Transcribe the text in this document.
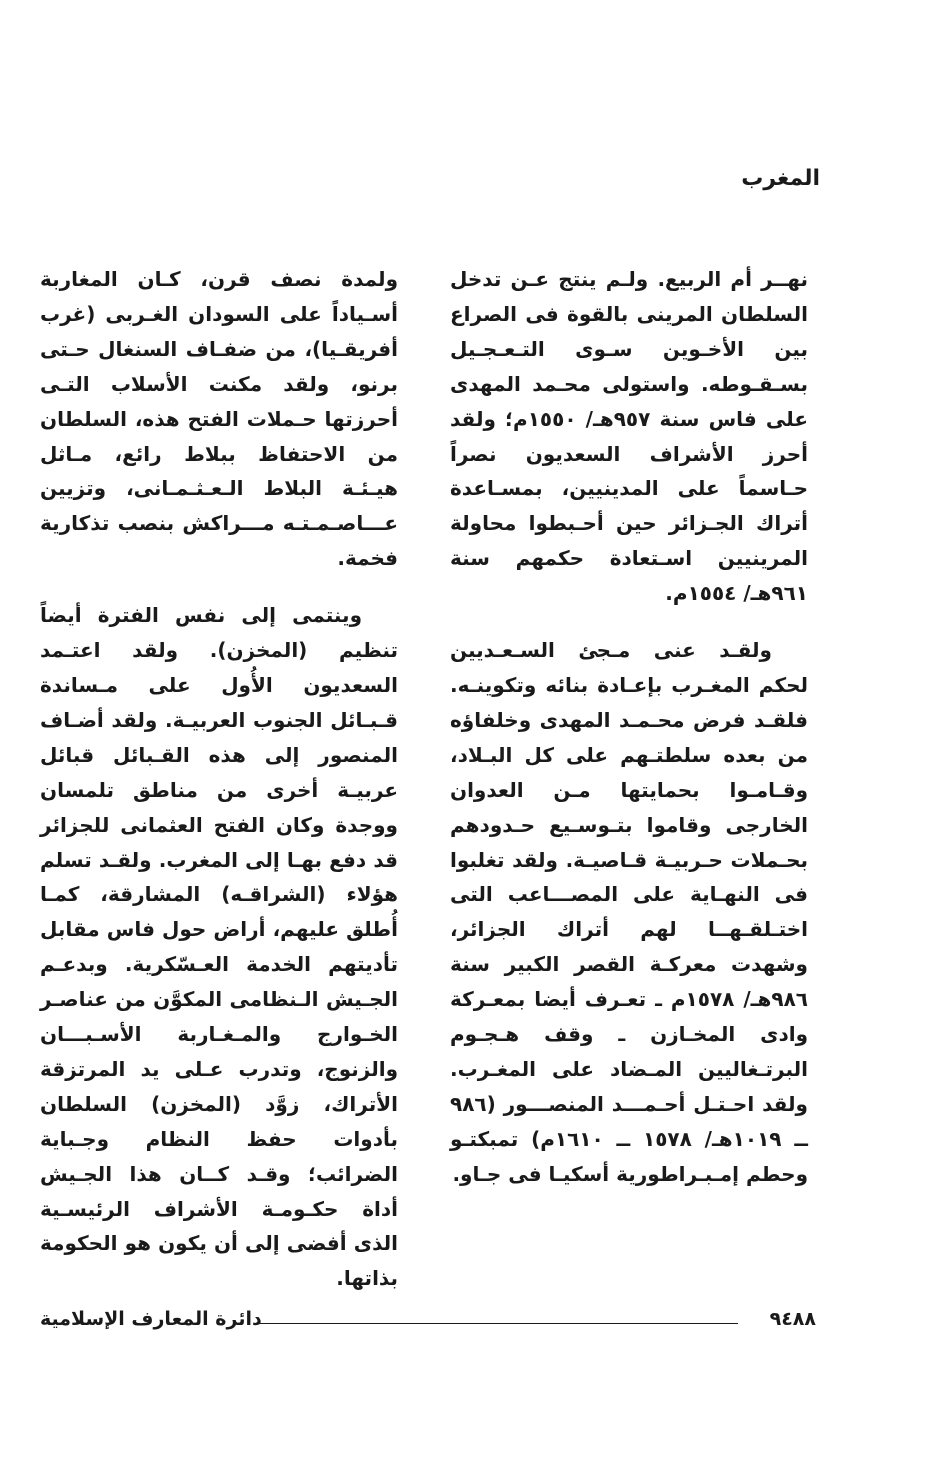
المغرب

نهــر أم الربيع. ولـم ينتج عـن تدخل السلطان المرينى بالقوة فى الصراع بين الأخـوين سـوى التـعـجـيل بسـقـوطه. واستولى محـمد المهدى على فاس سنة ٩٥٧هـ/ ١٥٥٠م؛ ولقد أحرز الأشراف السعديون نصراً حـاسماً على المدينيين، بمسـاعدة أتراك الجـزائر حين أحـبطوا محاولة المرينيين اسـتعادة حكمهم سنة ٩٦١هـ/ ١٥٥٤م.

ولقـد عنى مـجئ السـعـديين لحكم المغـرب بإعـادة بنائه وتكوينـه. فلقـد فرض محـمـد المهدى وخلفاؤه من بعده سلطتـهم على كل البـلاد، وقـامـوا بحمايتها مـن العدوان الخارجى وقاموا بتـوسـيع حـدودهم بحـملات حـربيـة قـاصيـة. ولقد تغلبوا فى النهـاية على المصـــاعب التى اختـلقـهــا لهم أتراك الجزائر، وشهدت معركـة القصر الكبير سنة ٩٨٦هـ/ ١٥٧٨م ـ تعـرف أيضا بمعـركة وادى المخـازن ـ وقف هـجـوم البرتـغاليين المـضاد على المغـرب. ولقد احـتـل أحـمـــد المنصـــور (٩٨٦ ــ ١٠١٩هـ/ ١٥٧٨ ــ ١٦١٠م) تمبكتـو وحطم إمـبـراطورية أسكيـا فى جـاو.

ولمدة نصف قرن، كـان المغاربة أسـياداً على السودان الغـربى (غرب أفريقـيا)، من ضفـاف السنغال حـتى برنو، ولقد مكنت الأسلاب التـى أحرزتها حـملات الفتح هذه، السلطان من الاحتفاظ ببلاط رائع، مـاثل هيـئـة البلاط الـعـثـمـانى، وتزيين عـــاصـمـتـه مـــراكش بنصب تذكارية فخمة.

وينتمى إلى نفس الفترة أيضاً تنظيم (المخزن). ولقد اعتـمد السعديون الأُول على مـساندة قـبـائل الجنوب العربيـة. ولقد أضـاف المنصور إلى هذه القـبائل قبائل عربيـة أخرى من مناطق تلمسان ووجدة وكان الفتح العثمانى للجزائر قد دفع بهـا إلى المغرب. ولقـد تسلم هؤلاء (الشراقـه) المشارقة، كمـا أُطلق عليهم، أراض حول فاس مقابل تأديتهم الخدمة العـسّكرية. وبدعـم الجـيش الـنظامى المكوَّن من عناصـر الخـوارج والمـغـاربة الأسـبـــان والزنوج، وتدرب عـلى يد المرتزقة الأتراك، زوَّد (المخزن) السلطان بأدوات حفظ النظام وجـباية الضرائب؛ وقـد كــان هذا الجـيش أداة حكـومـة الأشراف الرئيسـية الذى أفضى إلى أن يكون هو الحكومة بذاتها.

دائرة المعارف الإسلامية	٩٤٨٨
